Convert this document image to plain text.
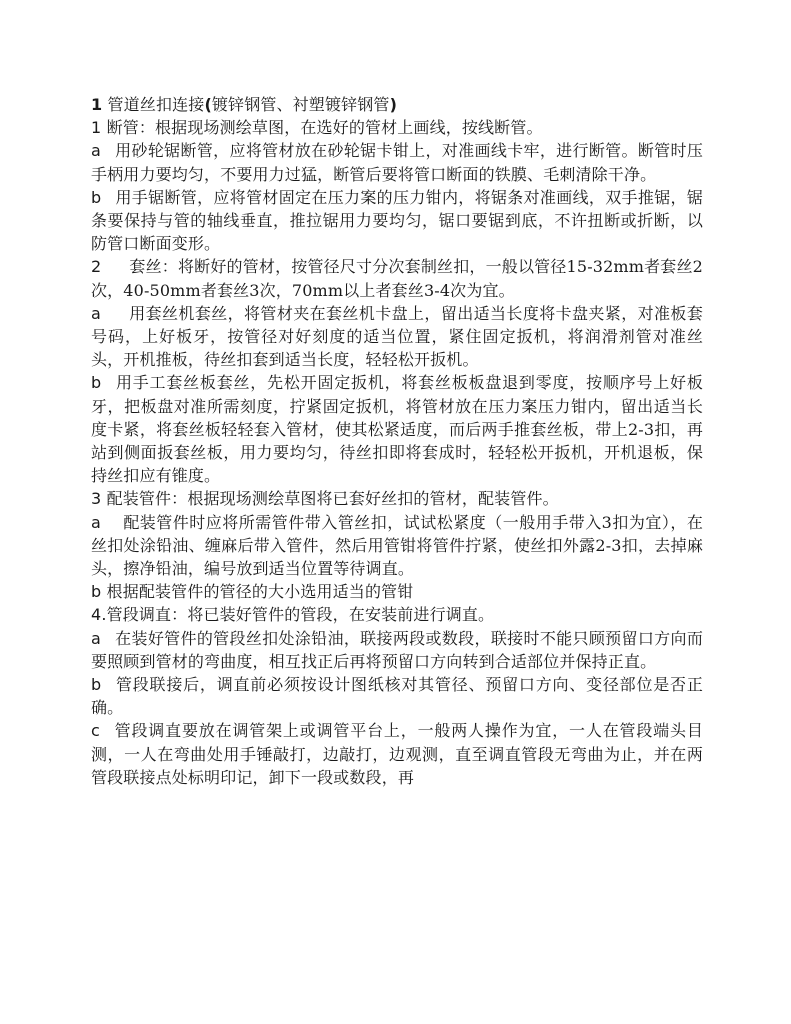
1 管道丝扣连接(镀锌钢管、衬塑镀锌钢管)

1 断管：根据现场测绘草图，在选好的管材上画线，按线断管。

a 用砂轮锯断管，应将管材放在砂轮锯卡钳上，对准画线卡牢，进行断管。断管时压手柄用力要均匀，不要用力过猛，断管后要将管口断面的铁膜、毛刺清除干净。

b 用手锯断管，应将管材固定在压力案的压力钳内，将锯条对准画线，双手推锯，锯条要保持与管的轴线垂直，推拉锯用力要均匀，锯口要锯到底，不许扭断或折断，以防管口断面变形。

2 套丝：将断好的管材，按管径尺寸分次套制丝扣，一般以管径15-32mm者套丝2次，40-50mm者套丝3次，70mm以上者套丝3-4次为宜。

a 用套丝机套丝，将管材夹在套丝机卡盘上，留出适当长度将卡盘夹紧，对准板套号码，上好板牙，按管径对好刻度的适当位置，紧住固定扳机，将润滑剂管对准丝头，开机推板，待丝扣套到适当长度，轻轻松开扳机。

b 用手工套丝板套丝，先松开固定扳机，将套丝板板盘退到零度，按顺序号上好板牙，把板盘对准所需刻度，拧紧固定扳机，将管材放在压力案压力钳内，留出适当长度卡紧，将套丝板轻轻套入管材，使其松紧适度，而后两手推套丝板，带上2-3扣，再站到侧面扳套丝板，用力要均匀，待丝扣即将套成时，轻轻松开扳机，开机退板，保持丝扣应有锥度。

3 配装管件：根据现场测绘草图将已套好丝扣的管材，配装管件。

a 配装管件时应将所需管件带入管丝扣，试试松紧度（一般用手带入3扣为宜），在丝扣处涂铅油、缠麻后带入管件，然后用管钳将管件拧紧，使丝扣外露2-3扣，去掉麻头，擦净铅油，编号放到适当位置等待调直。

b 根据配装管件的管径的大小选用适当的管钳

4.管段调直：将已装好管件的管段，在安装前进行调直。

a 在装好管件的管段丝扣处涂铅油，联接两段或数段，联接时不能只顾预留口方向而要照顾到管材的弯曲度，相互找正后再将预留口方向转到合适部位并保持正直。

b 管段联接后，调直前必须按设计图纸核对其管径、预留口方向、变径部位是否正确。

c 管段调直要放在调管架上或调管平台上，一般两人操作为宜，一人在管段端头目测，一人在弯曲处用手锤敲打，边敲打，边观测，直至调直管段无弯曲为止，并在两管段联接点处标明印记，卸下一段或数段，再
